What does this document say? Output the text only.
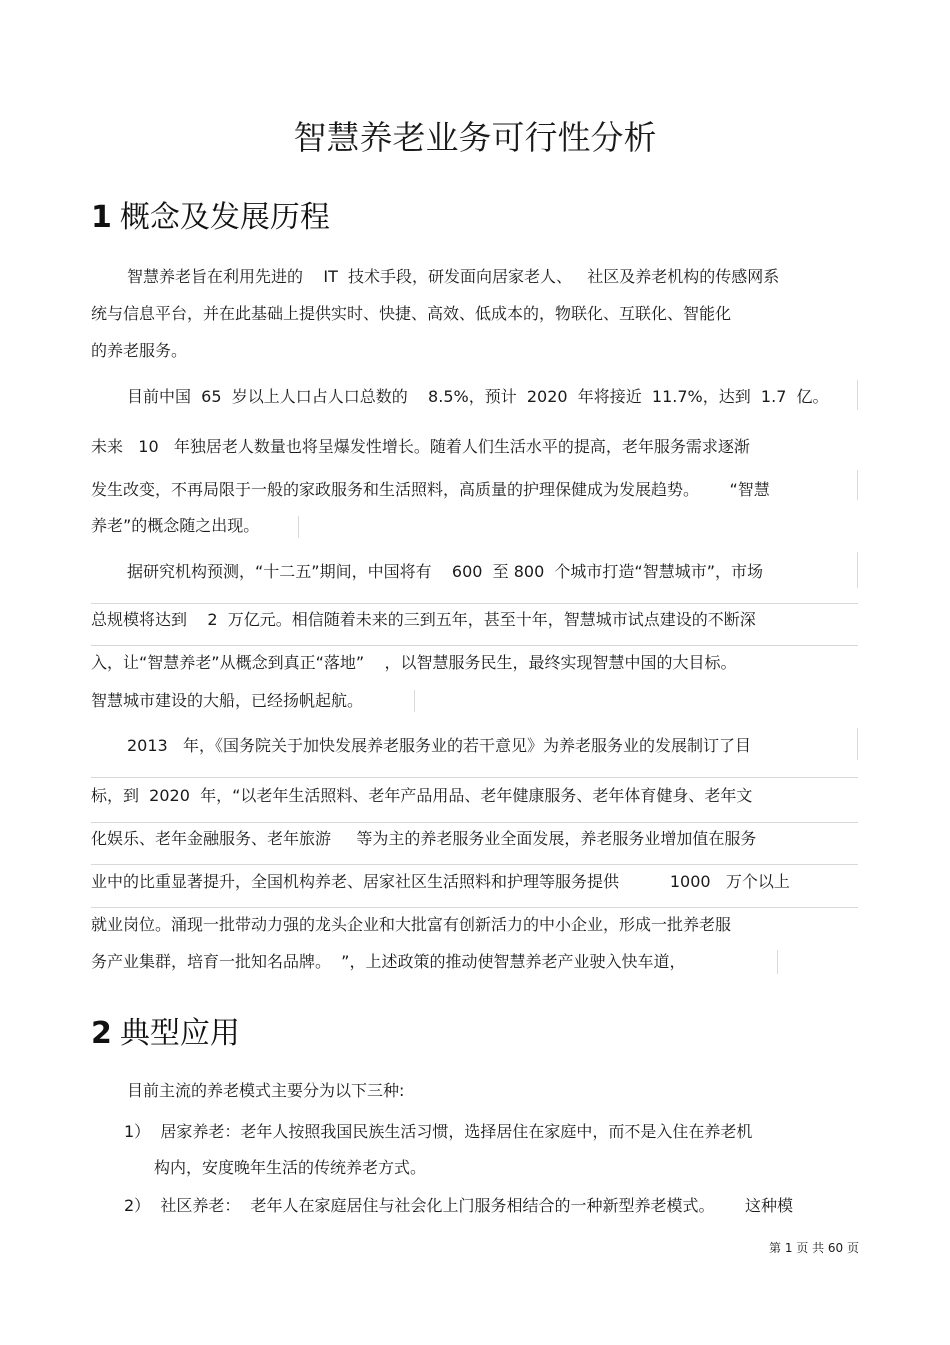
智慧养老业务可行性分析
1 概念及发展历程
智慧养老旨在利用先进的    IT  技术手段，研发面向居家老人、   社区及养老机构的传感网系
统与信息平台，并在此基础上提供实时、快捷、高效、低成本的，物联化、互联化、智能化
的养老服务。
目前中国  65  岁以上人口占人口总数的    8.5%，预计  2020  年将接近  11.7%，达到  1.7  亿。
未来   10   年独居老人数量也将呈爆发性增长。随着人们生活水平的提高，老年服务需求逐渐
发生改变，不再局限于一般的家政服务和生活照料，高质量的护理保健成为发展趋势。      “智慧
养老”的概念随之出现。
据研究机构预测，“十二五”期间，中国将有    600  至 800  个城市打造“智慧城市”，市场
总规模将达到    2  万亿元。相信随着未来的三到五年，甚至十年，智慧城市试点建设的不断深
入，让“智慧养老”从概念到真正“落地”    ，以智慧服务民生，最终实现智慧中国的大目标。
智慧城市建设的大船，已经扬帆起航。
2013   年，《国务院关于加快发展养老服务业的若干意见》为养老服务业的发展制订了目
标，到  2020  年，“以老年生活照料、老年产品用品、老年健康服务、老年体育健身、老年文
化娱乐、老年金融服务、老年旅游     等为主的养老服务业全面发展，养老服务业增加值在服务
业中的比重显著提升，全国机构养老、居家社区生活照料和护理等服务提供          1000   万个以上
就业岗位。涌现一批带动力强的龙头企业和大批富有创新活力的中小企业，形成一批养老服
务产业集群，培育一批知名品牌。  ”，上述政策的推动使智慧养老产业驶入快车道，
2 典型应用
目前主流的养老模式主要分为以下三种:
1）  居家养老：老年人按照我国民族生活习惯，选择居住在家庭中，而不是入住在养老机
构内，安度晚年生活的传统养老方式。
2）  社区养老：  老年人在家庭居住与社会化上门服务相结合的一种新型养老模式。      这种模
第 1 页 共 60 页
